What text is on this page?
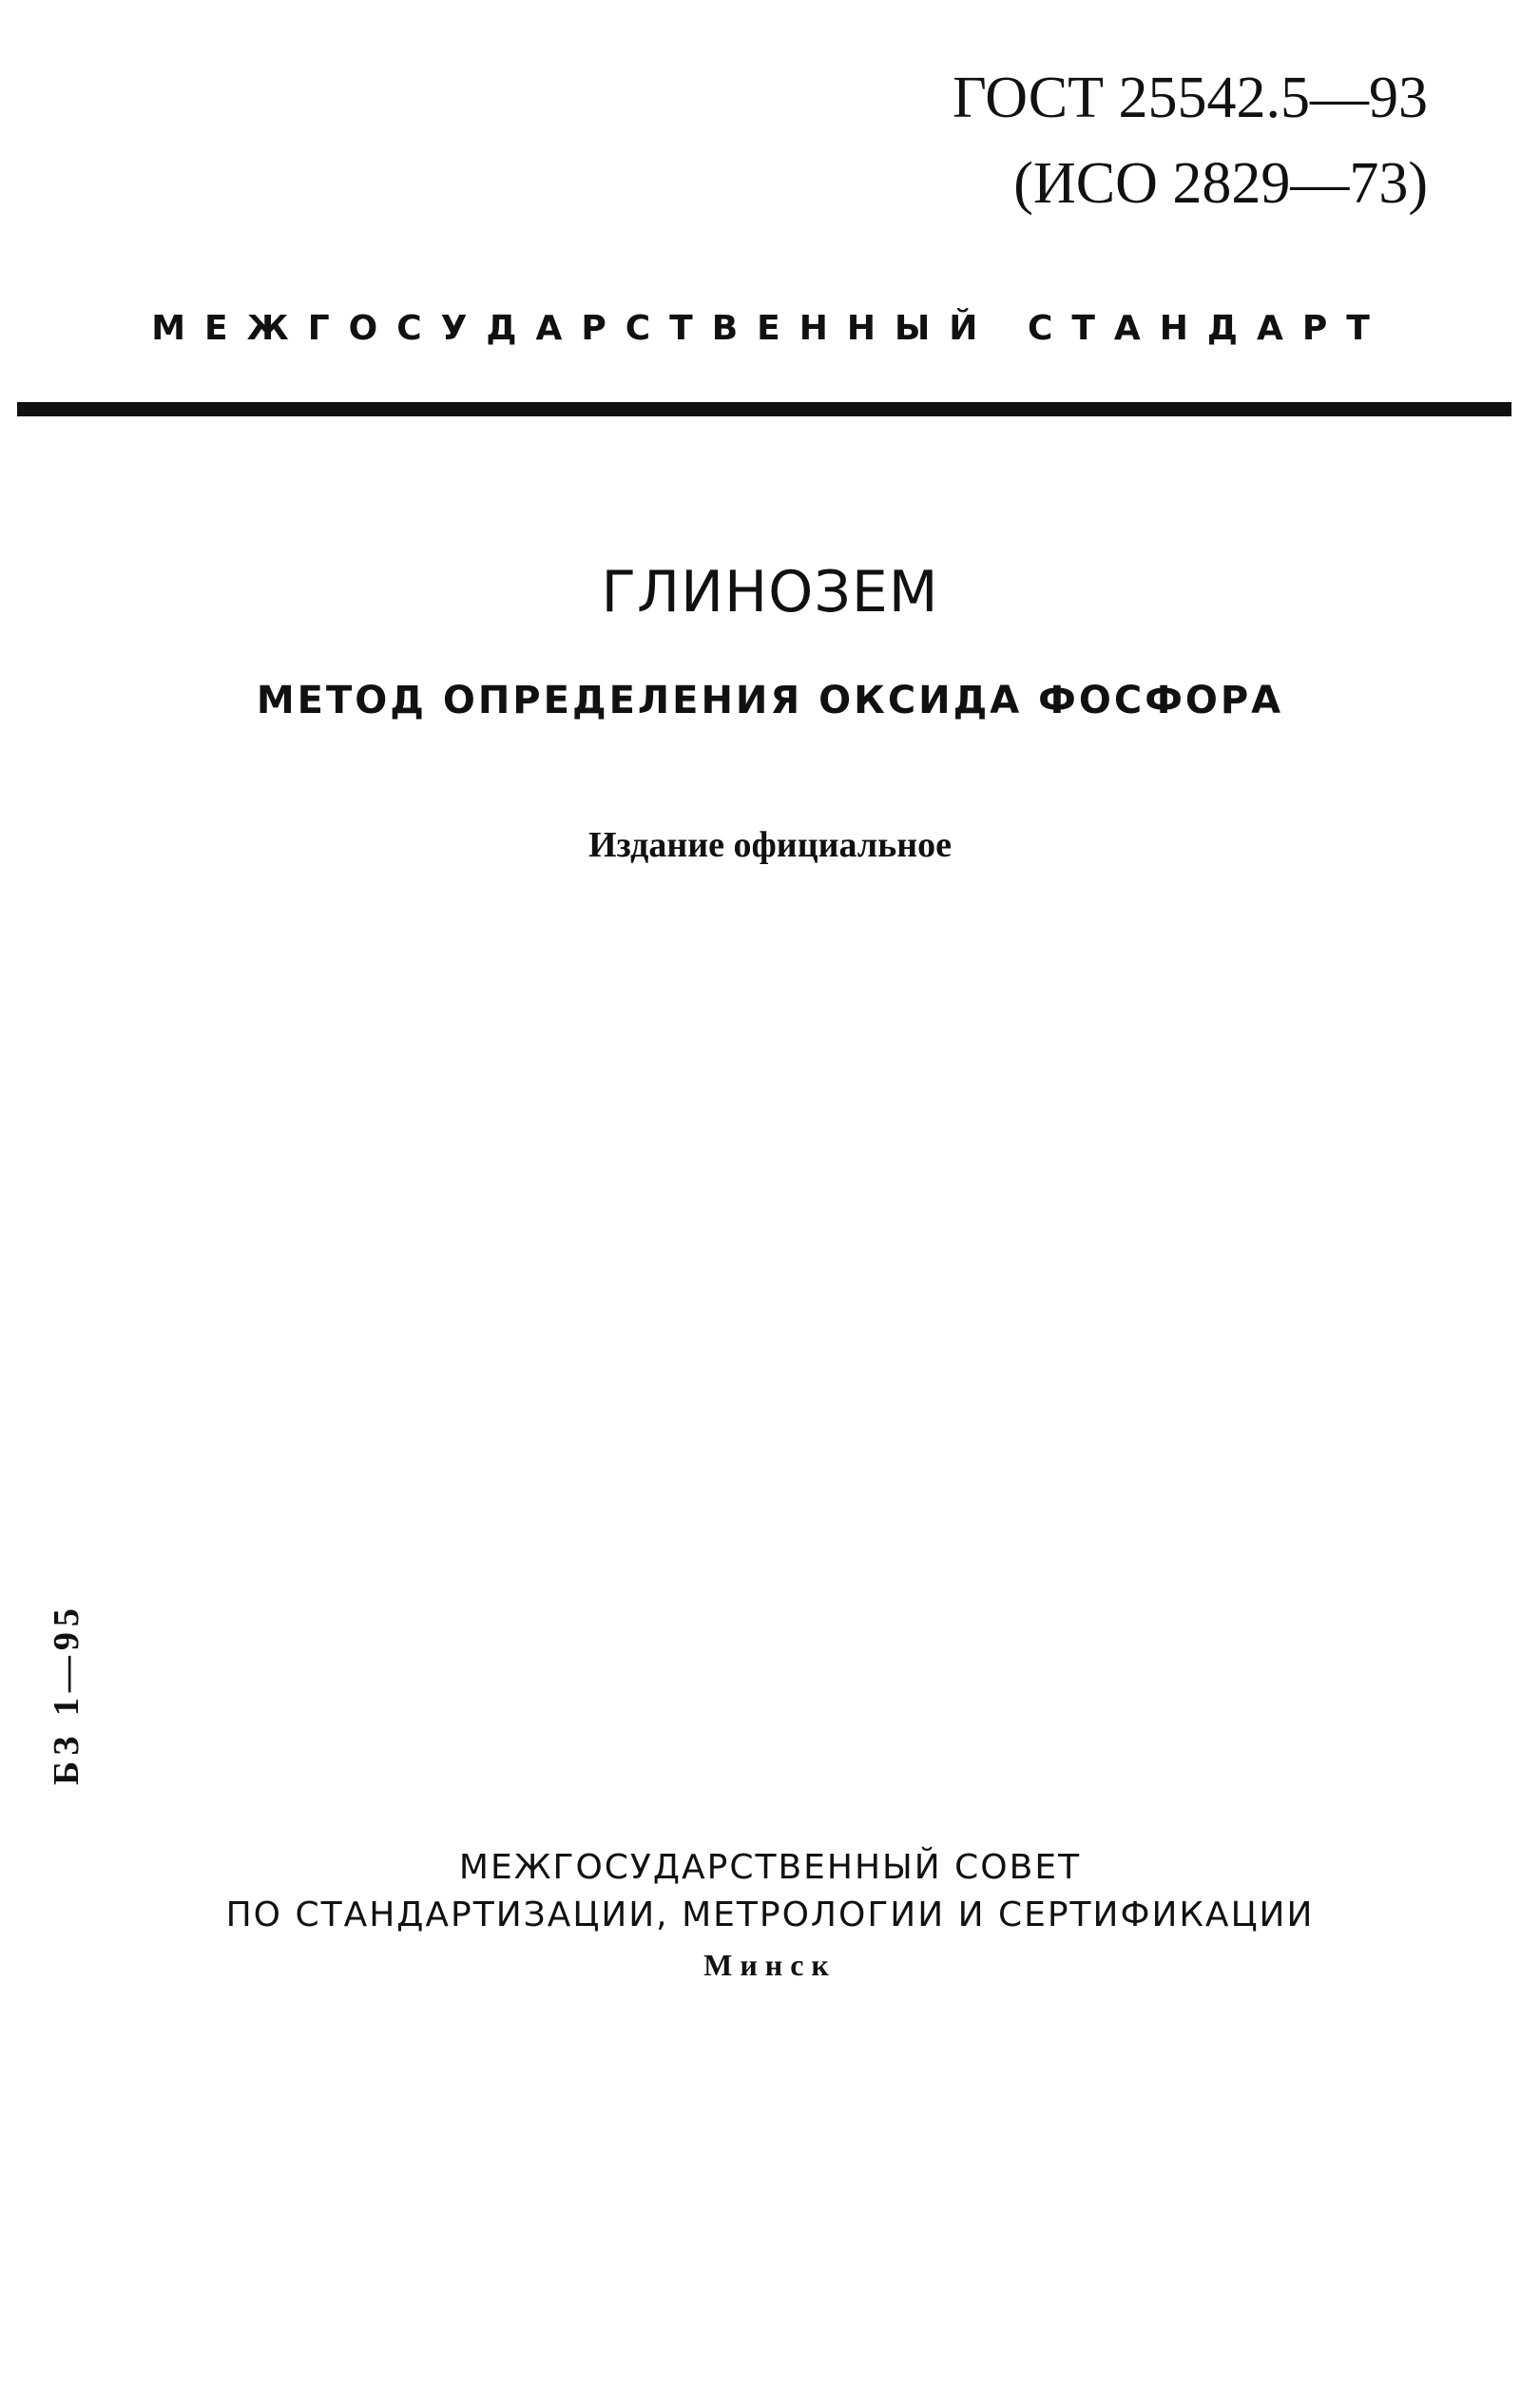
ГОСТ 25542.5—93
(ИСО 2829—73)
МЕЖГОСУДАРСТВЕННЫЙ СТАНДАРТ
ГЛИНОЗЕМ
МЕТОД ОПРЕДЕЛЕНИЯ ОКСИДА ФОСФОРА
Издание официальное
БЗ 1—95
МЕЖГОСУДАРСТВЕННЫЙ СОВЕТ
ПО СТАНДАРТИЗАЦИИ, МЕТРОЛОГИИ И СЕРТИФИКАЦИИ
Минск
